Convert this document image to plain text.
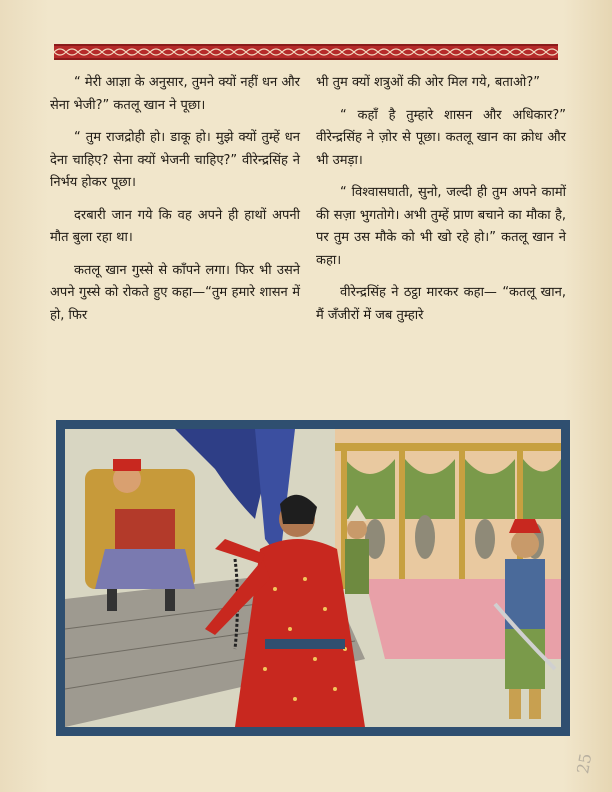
“ मेरी आज्ञा के अनुसार, तुमने क्यों नहीं धन और सेना भेजी?” कतलू खान ने पूछा।

“ तुम राजद्रोही हो। डाकू हो। मुझे क्यों तुम्हें धन देना चाहिए? सेना क्यों भेजनी चाहिए?” वीरेन्द्रसिंह ने निर्भय होकर पूछा।

दरबारी जान गये कि वह अपने ही हाथों अपनी मौत बुला रहा था।

कतलू खान गुस्से से काँपने लगा। फिर भी उसने अपने गुस्से को रोकते हुए कहा—“तुम हमारे शासन में हो, फिर

भी तुम क्यों शत्रुओं की ओर मिल गये, बताओ?”

“ कहाँ है तुम्हारे शासन और अधिकार?” वीरेन्द्रसिंह ने ज़ोर से पूछा। कतलू खान का क्रोध और भी उमड़ा।

“ विश्वासघाती, सुनो, जल्दी ही तुम अपने कामों की सज़ा भुगतोगे। अभी तुम्हें प्राण बचाने का मौका है, पर तुम उस मौके को भी खो रहे हो।” कतलू खान ने कहा।

वीरेन्द्रसिंह ने ठट्ठा मारकर कहा— “कतलू खान, मैं जँजीरों में जब तुम्हारे

25
